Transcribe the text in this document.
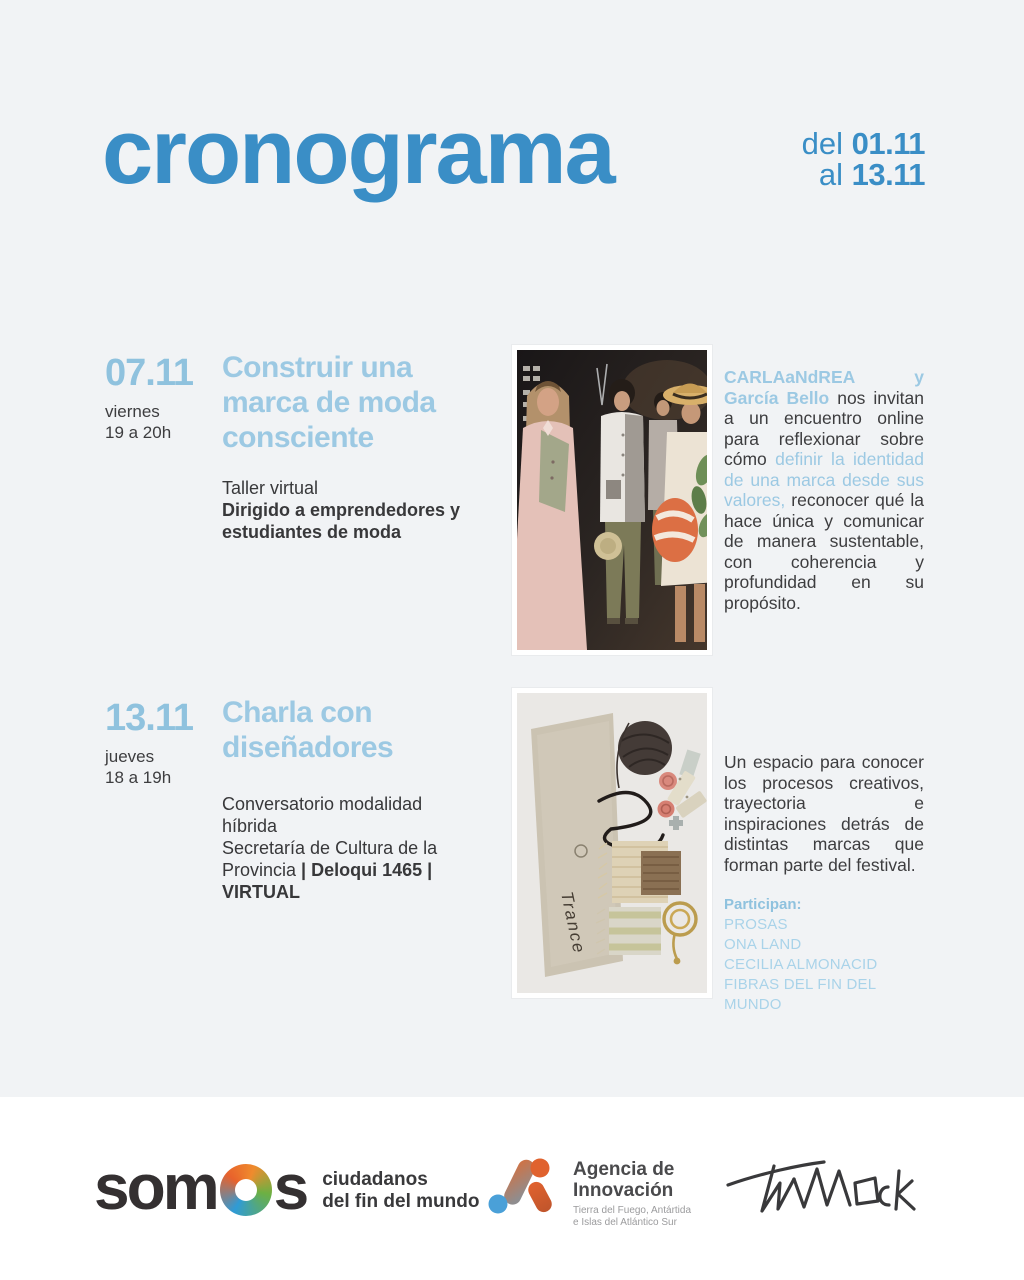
cronograma	del 01.11
al 13.11
07.11
viernes
19 a 20h
Construir una marca de moda consciente
Taller virtual
Dirigido a emprendedores y estudiantes de moda

CARLAaNdREA y García Bello nos invitan a un encuentro online para reflexionar sobre cómo definir la identidad de una marca desde sus valores, reconocer qué la hace única y comunicar de manera sustentable, con coherencia y profundidad en su propósito.

13.11
jueves
18 a 19h
Charla con diseñadores
Conversatorio modalidad híbrida
Secretaría de Cultura de la Provincia | Deloqui 1465 | VIRTUAL	Trance

Un espacio para conocer los procesos creativos, trayectoria e inspiraciones detrás de distintas marcas que forman parte del festival.

Participan:
PROSAS
ONA LAND
CECILIA ALMONACID
FIBRAS DEL FIN DEL MUNDO
som s ciudadanos
del fin del mundo
Agencia de
Innovación
Tierra del Fuego, Antártida
e Islas del Atlántico Sur
